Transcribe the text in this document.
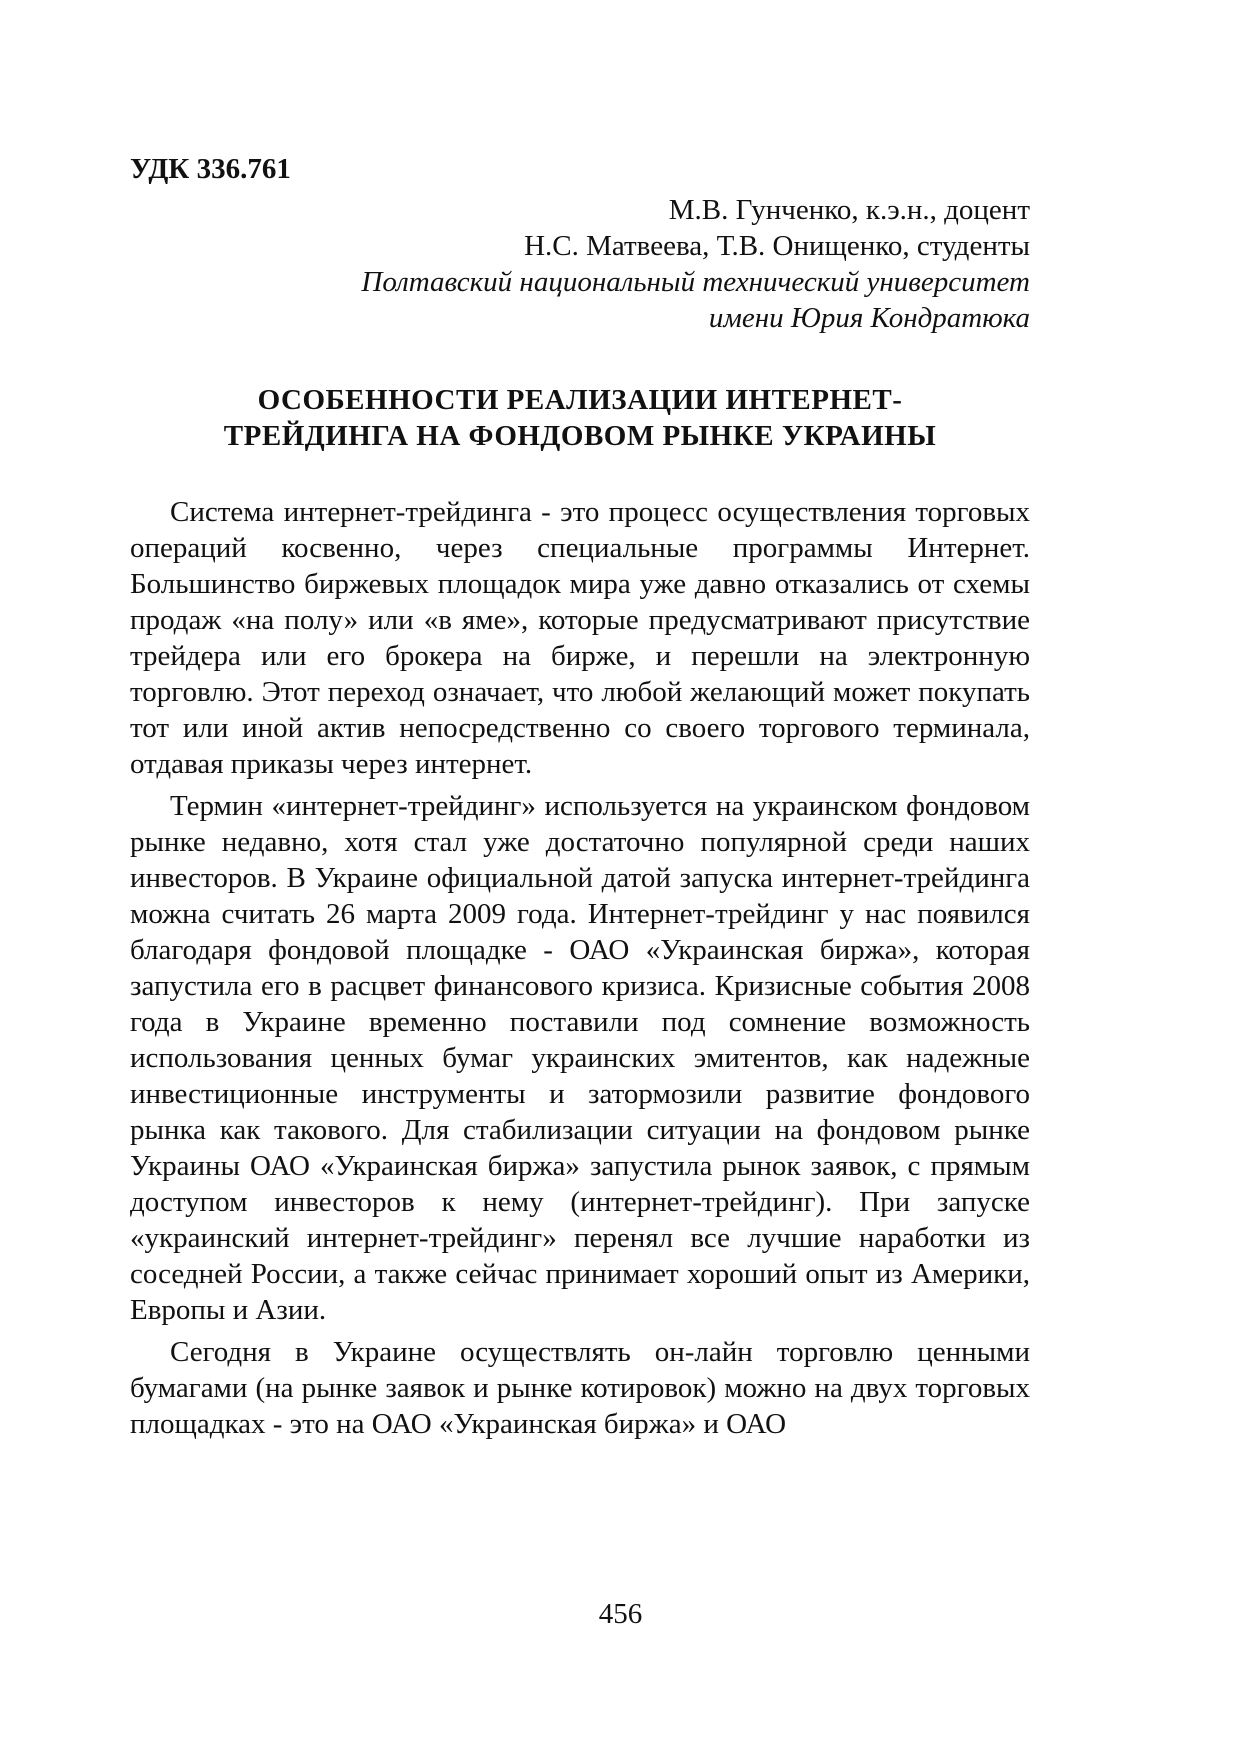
УДК 336.761
М.В. Гунченко, к.э.н., доцент
Н.С. Матвеева, Т.В. Онищенко, студенты
Полтавский национальный технический университет
имени Юрия Кондратюка
ОСОБЕННОСТИ РЕАЛИЗАЦИИ ИНТЕРНЕТ-
ТРЕЙДИНГА НА ФОНДОВОМ РЫНКЕ УКРАИНЫ

Система интернет-трейдинга - это процесс осуществления торговых операций косвенно, через специальные программы Интернет. Большинство биржевых площадок мира уже давно отказались от схемы продаж «на полу» или «в яме», которые предусматривают присутствие трейдера или его брокера на бирже, и перешли на электронную торговлю. Этот переход означает, что любой желающий может покупать тот или иной актив непосредственно со своего торгового терминала, отдавая приказы через интернет.

Термин «интернет-трейдинг» используется на украинском фондовом рынке недавно, хотя стал уже достаточно популярной среди наших инвесторов. В Украине официальной датой запуска интернет-трейдинга можна считать 26 марта 2009 года. Интернет-трейдинг у нас появился благодаря фондовой площадке - ОАО «Украинская биржа», которая запустила его в расцвет финансового кризиса. Кризисные события 2008 года в Украине временно поставили под сомнение возможность использования ценных бумаг украинских эмитентов, как надежные инвестиционные инструменты и затормозили развитие фондового рынка как такового. Для стабилизации ситуации на фондовом рынке Украины ОАО «Украинская биржа» запустила рынок заявок, с прямым доступом инвесторов к нему (интернет-трейдинг). При запуске «украинский интернет-трейдинг» перенял все лучшие наработки из соседней России, а также сейчас принимает хороший опыт из Америки, Европы и Азии.

Сегодня в Украине осуществлять он-лайн торговлю ценными бумагами (на рынке заявок и рынке котировок) можно на двух торговых площадках - это на ОАО «Украинская биржа» и ОАО

456
